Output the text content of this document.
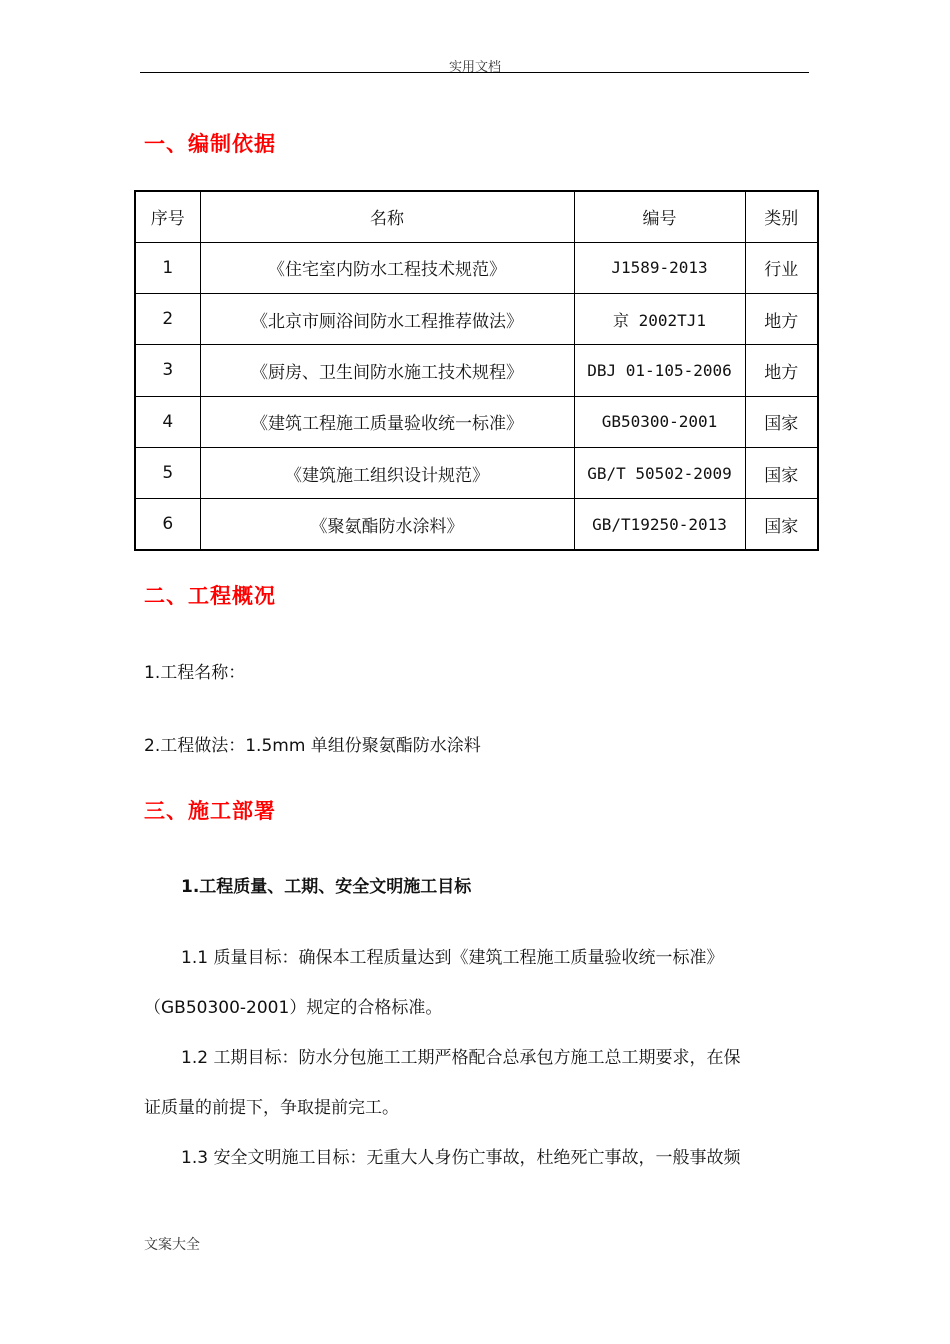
实用文档
一、编制依据
序号	名称	编号	类别
1	《住宅室内防水工程技术规范》	J1589-2013	行业
2	《北京市厕浴间防水工程推荐做法》	京 2002TJ1	地方
3	《厨房、卫生间防水施工技术规程》	DBJ 01-105-2006	地方
4	《建筑工程施工质量验收统一标准》	GB50300-2001	国家
5	《建筑施工组织设计规范》	GB/T 50502-2009	国家
6	《聚氨酯防水涂料》	GB/T19250-2013	国家
二、工程概况
1.工程名称：
2.工程做法：1.5mm 单组份聚氨酯防水涂料
三、施工部署
1.工程质量、工期、安全文明施工目标
1.1 质量目标：确保本工程质量达到《建筑工程施工质量验收统一标准》
（GB50300-2001）规定的合格标准。
1.2 工期目标：防水分包施工工期严格配合总承包方施工总工期要求，在保
证质量的前提下，争取提前完工。
1.3 安全文明施工目标：无重大人身伤亡事故，杜绝死亡事故，一般事故频
文案大全
